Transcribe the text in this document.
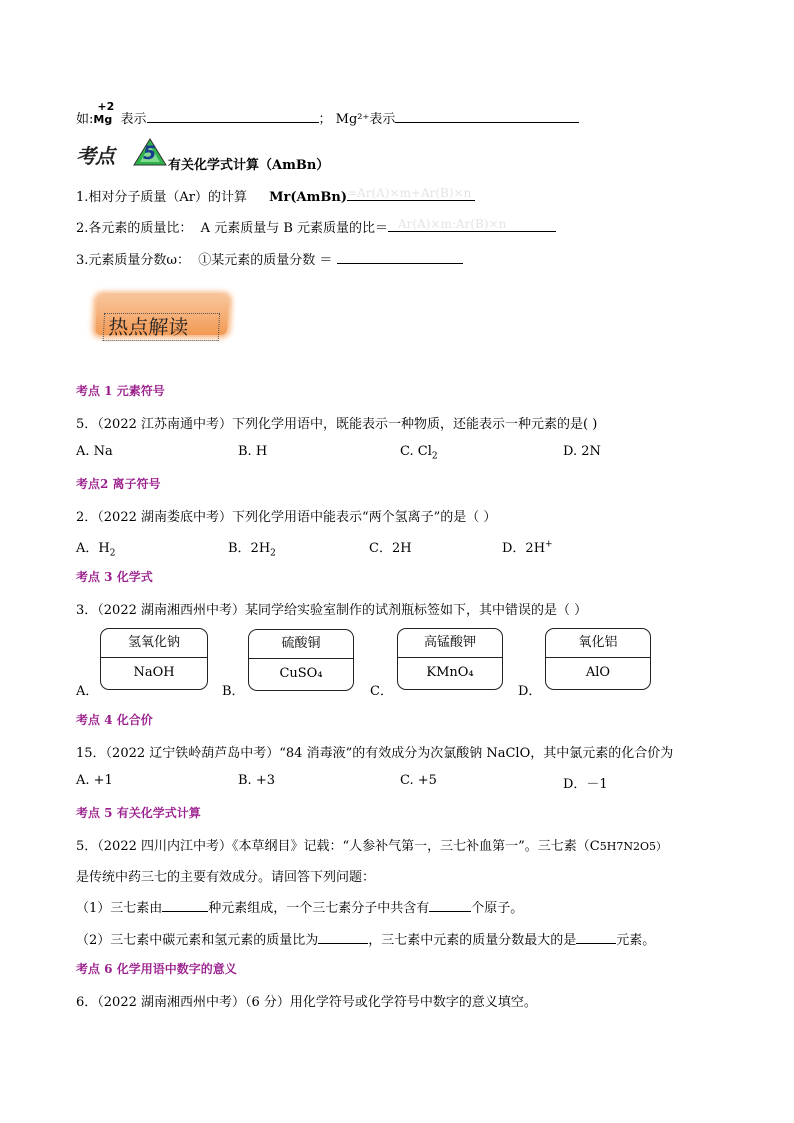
如:
+2
Mg 表示	； Mg²⁺表示
考点 5
有关化学式计算（AmBn）
1.相对分子质量（Ar）的计算 Mr(AmBn) =Ar(A)×m+Ar(B)×n
2.各元素的质量比： A 元素质量与 B 元素质量的比＝ Ar(A)×m:Ar(B)×n
3.元素质量分数ω： ①某元素的质量分数 ＝
热点解读
考点 1 元素符号
5．（2022 江苏南通中考）下列化学用语中，既能表示一种物质，还能表示一种元素的是( )
A. Na	B. H	C. $Cl_2$	D. 2N
考点2 离子符号
2．（2022 湖南娄底中考）下列化学用语中能表示“两个氢离子”的是（ ）
A．$H_2$	B．$2H_2$	C．2H	D．2H+
考点 3 化学式
3．（2022 湖南湘西州中考）某同学给实验室制作的试剂瓶标签如下，其中错误的是（ ）
A．
氢氧化钠
NaOH
B．
硫酸铜
CuSO₄
C．
高锰酸钾
KMnO₄
D．
氧化铝
AlO
考点 4 化合价
15．（2022 辽宁铁岭葫芦岛中考）“84 消毒液”的有效成分为次氯酸钠 NaClO，其中氯元素的化合价为
A. +1	B. +3	C. +5	D．－1
考点 5 有关化学式计算
5．（2022 四川内江中考）《本草纲目》记载：“人参补气第一，三七补血第一”。三七素（C5H7N2O5）
是传统中药三七的主要有效成分。请回答下列问题：
（1）三七素由	种元素组成，一个三七素分子中共含有	个原子。
（2）三七素中碳元素和氢元素的质量比为	，三七素中元素的质量分数最大的是	元素。
考点 6 化学用语中数字的意义
6．（2022 湖南湘西州中考）（6 分）用化学符号或化学符号中数字的意义填空。
